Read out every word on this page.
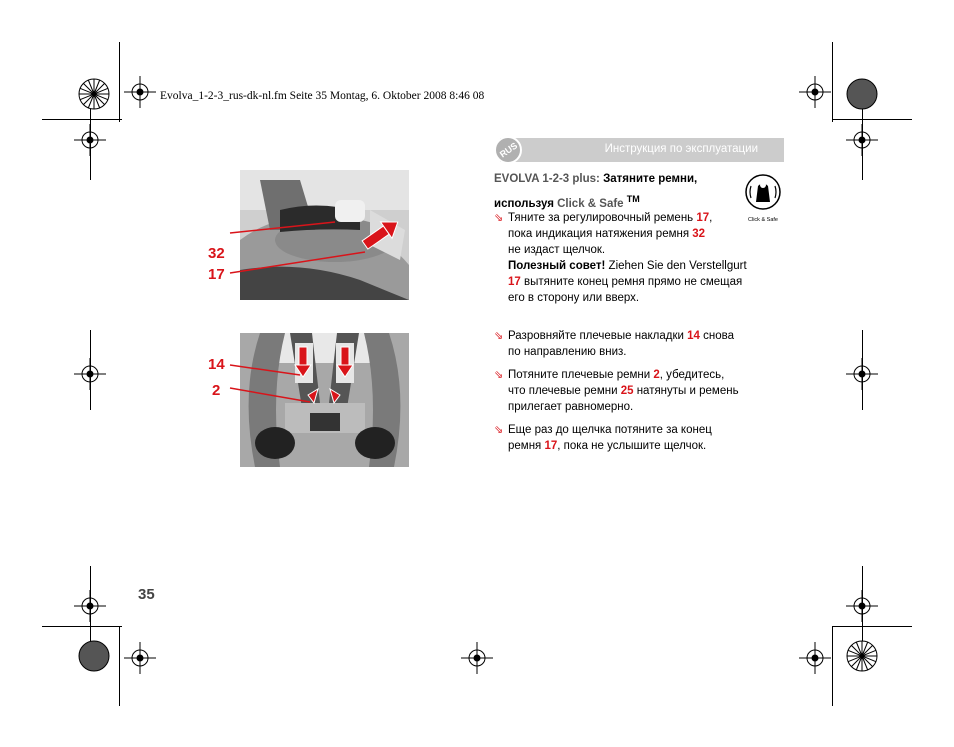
Evolva_1-2-3_rus-dk-nl.fm Seite 35 Montag, 6. Oktober 2008 8:46 08
Инструкция по эксплуатации
RUS
EVOLVA 1-2-3 plus: Затяните ремни,
используя Click & Safe ™
Click & Safe
⇘ Тяните за регулировочный ремень 17,

пока индикация натяжения ремня 32
не издаст щелчок.
Полезный совет! Ziehen Sie den Verstellgurt
17 вытяните конец ремня прямо не смещая
его в сторону или вверх.
⇘ Разровняйте плечевые накладки 14 снова
по направлению вниз.
⇘ Потяните плечевые ремни 2, убедитесь,
что плечевые ремни 25 натянуты и ремень
прилегает равномерно.
⇘ Еще раз до щелчка потяните за конец
ремня 17, пока не услышите щелчок.
32
17
14
2
35
